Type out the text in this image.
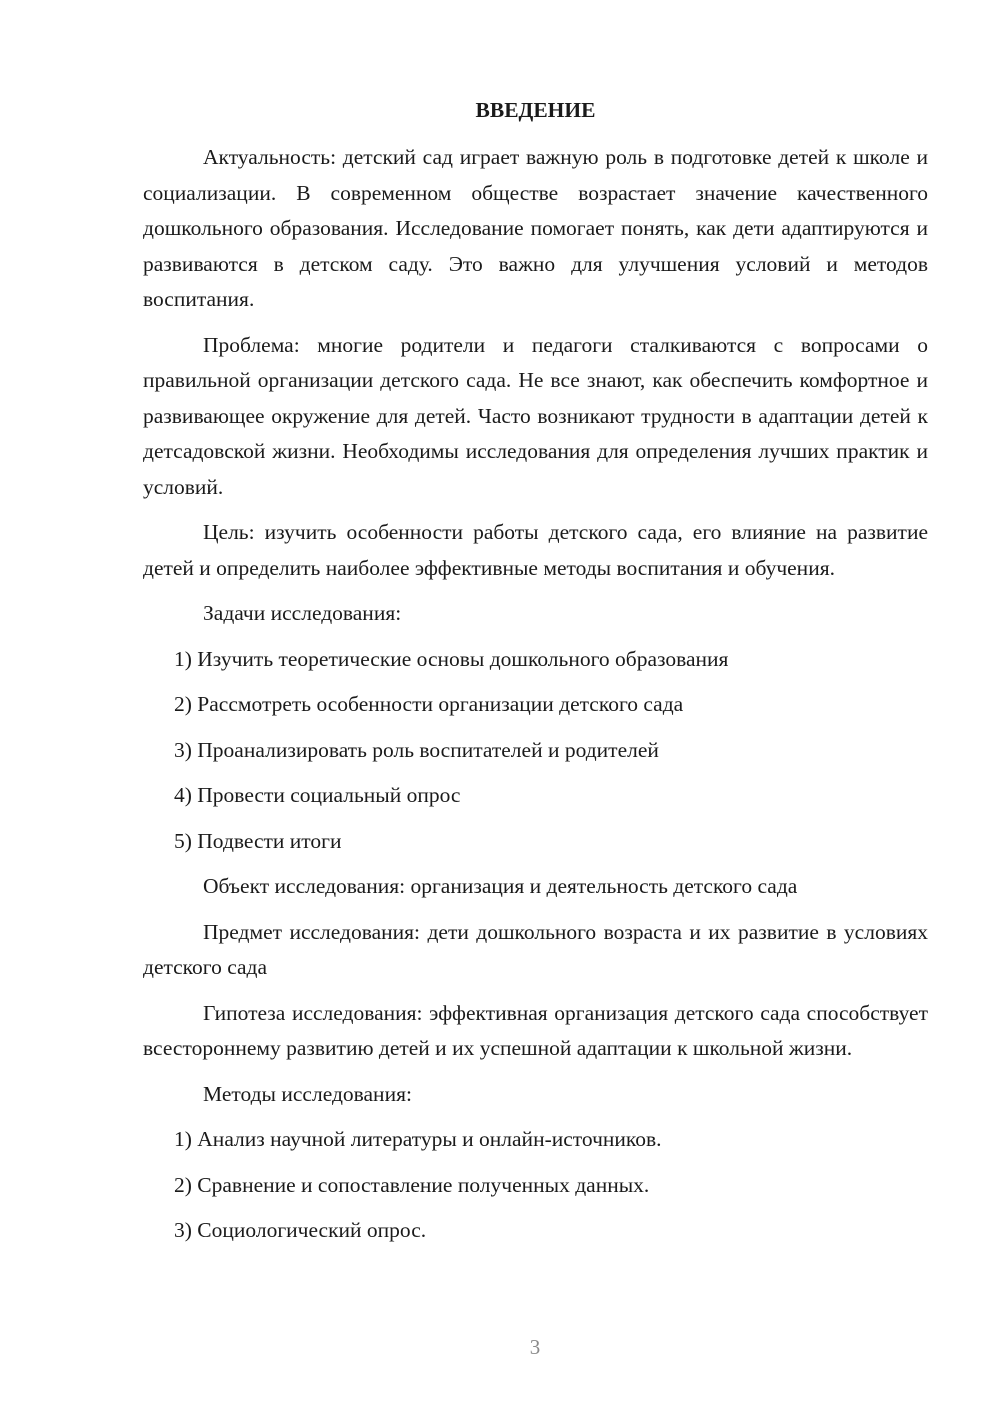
ВВЕДЕНИЕ

Актуальность: детский сад играет важную роль в подготовке детей к школе и социализации. В современном обществе возрастает значение качественного дошкольного образования. Исследование помогает понять, как дети адаптируются и развиваются в детском саду. Это важно для улучшения условий и методов воспитания.

Проблема: многие родители и педагоги сталкиваются с вопросами о правильной организации детского сада. Не все знают, как обеспечить комфортное и развивающее окружение для детей. Часто возникают трудности в адаптации детей к детсадовской жизни. Необходимы исследования для определения лучших практик и условий.

Цель: изучить особенности работы детского сада, его влияние на развитие детей и определить наиболее эффективные методы воспитания и обучения.

Задачи исследования:
1) Изучить теоретические основы дошкольного образования
2) Рассмотреть особенности организации детского сада
3) Проанализировать роль воспитателей и родителей
4) Провести социальный опрос
5) Подвести итоги

Объект исследования: организация и деятельность детского сада

Предмет исследования: дети дошкольного возраста и их развитие в условиях детского сада

Гипотеза исследования: эффективная организация детского сада способствует всестороннему развитию детей и их успешной адаптации к школьной жизни.

Методы исследования:
1) Анализ научной литературы и онлайн-источников.
2) Сравнение и сопоставление полученных данных.
3) Социологический опрос.
3
